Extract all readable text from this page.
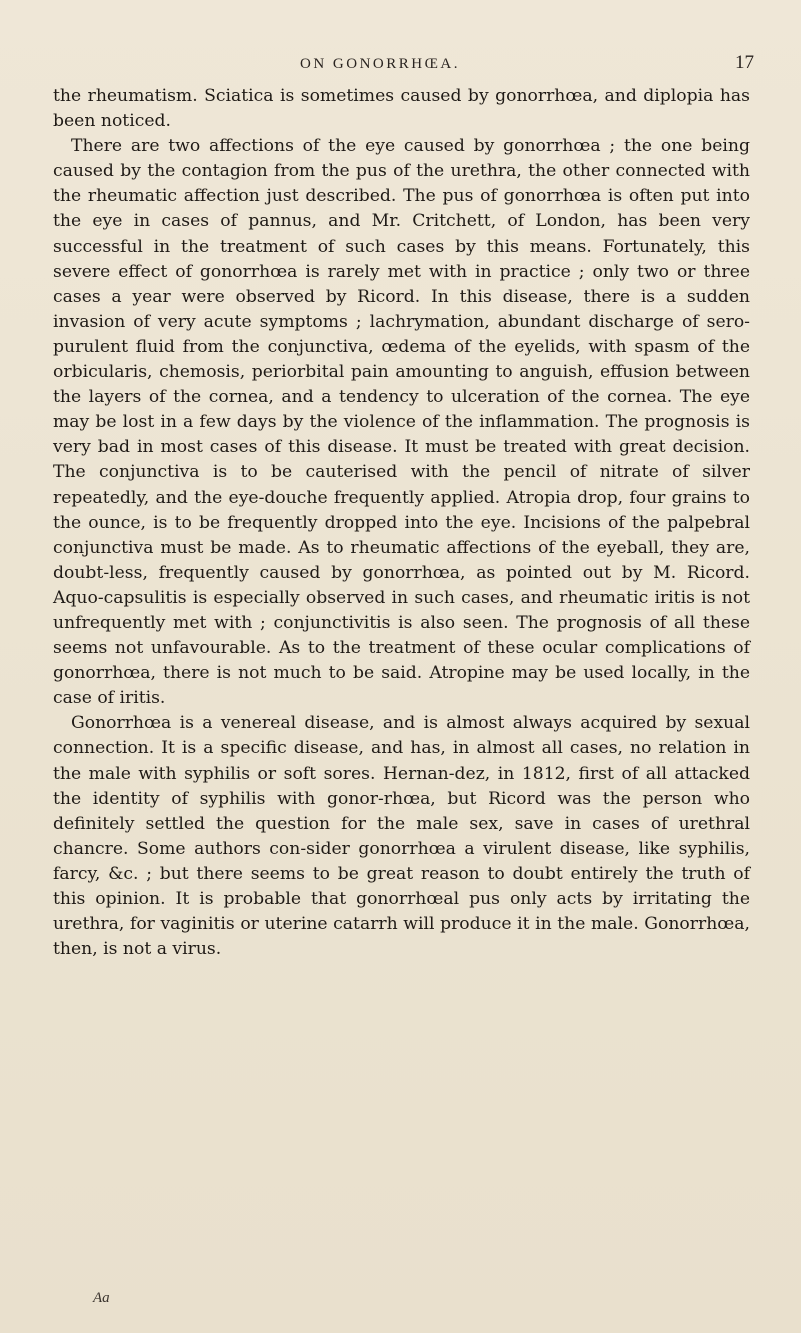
ON GONORRHŒA.	17

the rheumatism. Sciatica is sometimes caused by gonorrhœa, and diplopia has been noticed.

There are two affections of the eye caused by gonorrhœa ; the one being caused by the contagion from the pus of the urethra, the other connected with the rheumatic affection just described. The pus of gonorrhœa is often put into the eye in cases of pannus, and Mr. Critchett, of London, has been very successful in the treatment of such cases by this means. Fortunately, this severe effect of gonorrhœa is rarely met with in practice ; only two or three cases a year were observed by Ricord. In this disease, there is a sudden invasion of very acute symptoms ; lachrymation, abundant discharge of sero-purulent fluid from the conjunctiva, œdema of the eyelids, with spasm of the orbicularis, chemosis, periorbital pain amounting to anguish, effusion between the layers of the cornea, and a tendency to ulceration of the cornea. The eye may be lost in a few days by the violence of the inflammation. The prognosis is very bad in most cases of this disease. It must be treated with great decision. The conjunctiva is to be cauterised with the pencil of nitrate of silver repeatedly, and the eye-douche frequently applied. Atropia drop, four grains to the ounce, is to be frequently dropped into the eye. Incisions of the palpebral conjunctiva must be made. As to rheumatic affections of the eyeball, they are, doubt-less, frequently caused by gonorrhœa, as pointed out by M. Ricord. Aquo-capsulitis is especially observed in such cases, and rheumatic iritis is not unfrequently met with ; conjunctivitis is also seen. The prognosis of all these seems not unfavourable. As to the treatment of these ocular complications of gonorrhœa, there is not much to be said. Atropine may be used locally, in the case of iritis.

Gonorrhœa is a venereal disease, and is almost always acquired by sexual connection. It is a specific disease, and has, in almost all cases, no relation in the male with syphilis or soft sores. Hernan-dez, in 1812, first of all attacked the identity of syphilis with gonor-rhœa, but Ricord was the person who definitely settled the question for the male sex, save in cases of urethral chancre. Some authors con-sider gonorrhœa a virulent disease, like syphilis, farcy, &c. ; but there seems to be great reason to doubt entirely the truth of this opinion. It is probable that gonorrhœal pus only acts by irritating the urethra, for vaginitis or uterine catarrh will produce it in the male. Gonorrhœa, then, is not a virus.

Aa
